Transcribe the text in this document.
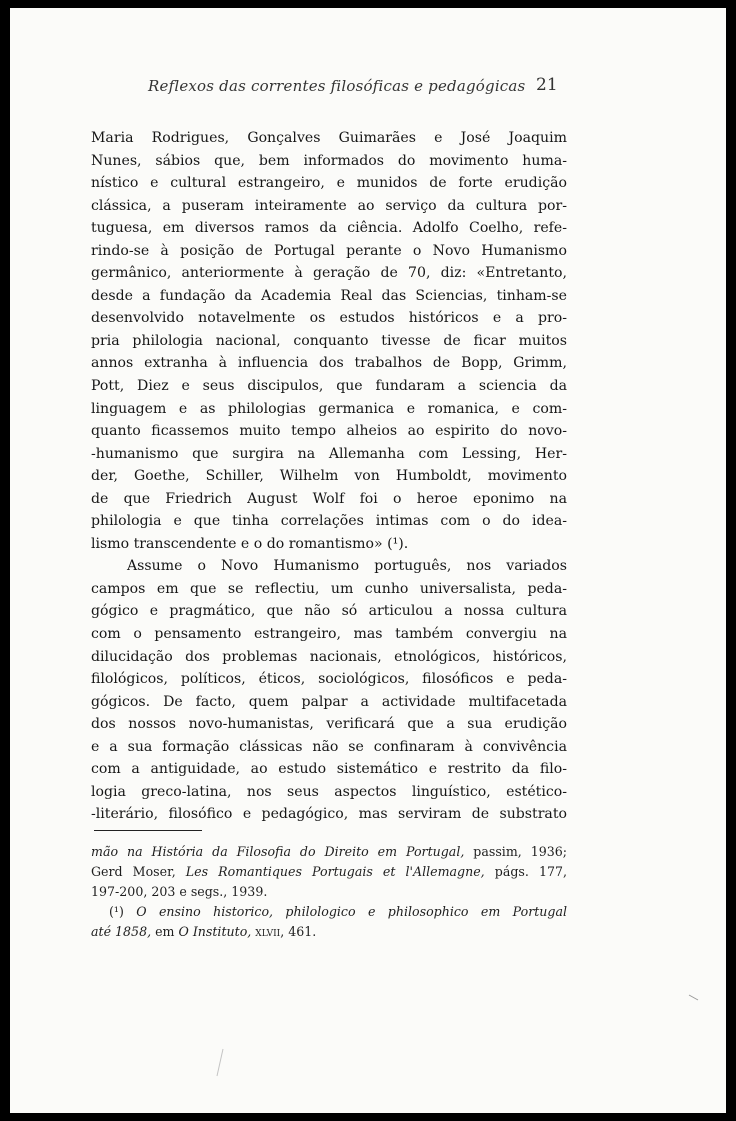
Reflexos das correntes filosóficas e pedagógicas 21
Maria Rodrigues, Gonçalves Guimarães e José Joaquim
Nunes, sábios que, bem informados do movimento huma-
nístico e cultural estrangeiro, e munidos de forte erudição
clássica, a puseram inteiramente ao serviço da cultura por-
tuguesa, em diversos ramos da ciência. Adolfo Coelho, refe-
rindo-se à posição de Portugal perante o Novo Humanismo
germânico, anteriormente à geração de 70, diz: «Entretanto,
desde a fundação da Academia Real das Sciencias, tinham-se
desenvolvido notavelmente os estudos históricos e a pro-
pria philologia nacional, conquanto tivesse de ficar muitos
annos extranha à influencia dos trabalhos de Bopp, Grimm,
Pott, Diez e seus discipulos, que fundaram a sciencia da
linguagem e as philologias germanica e romanica, e com-
quanto ficassemos muito tempo alheios ao espirito do novo-
-humanismo que surgira na Allemanha com Lessing, Her-
der, Goethe, Schiller, Wilhelm von Humboldt, movimento
de que Friedrich August Wolf foi o heroe eponimo na
philologia e que tinha correlações intimas com o do idea-
lismo transcendente e o do romantismo» (¹).
Assume o Novo Humanismo português, nos variados
campos em que se reflectiu, um cunho universalista, peda-
gógico e pragmático, que não só articulou a nossa cultura
com o pensamento estrangeiro, mas também convergiu na
dilucidação dos problemas nacionais, etnológicos, históricos,
filológicos, políticos, éticos, sociológicos, filosóficos e peda-
gógicos. De facto, quem palpar a actividade multifacetada
dos nossos novo-humanistas, verificará que a sua erudição
e a sua formação clássicas não se confinaram à convivência
com a antiguidade, ao estudo sistemático e restrito da filo-
logia greco-latina, nos seus aspectos linguístico, estético-
-literário, filosófico e pedagógico, mas serviram de substrato
mão na História da Filosofia do Direito em Portugal, passim, 1936;
Gerd Moser, Les Romantiques Portugais et l'Allemagne, págs. 177,
197-200, 203 e segs., 1939.
(¹) O ensino historico, philologico e philosophico em Portugal
até 1858, em O Instituto, xlvii, 461.
